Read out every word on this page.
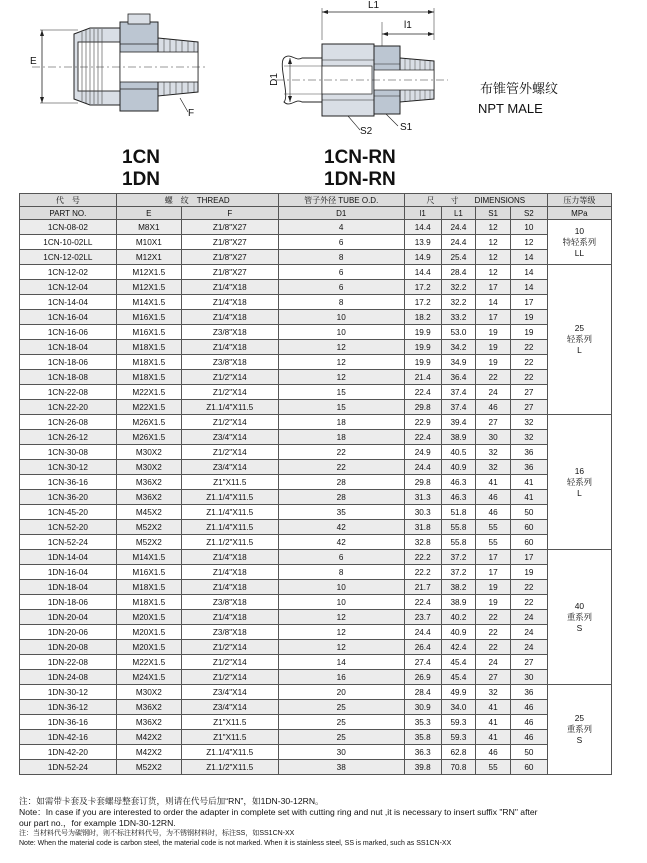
E
F
L1
l1
D1
S2	S1
布锥管外螺纹
NPT MALE
1CN
1DN
1CN-RN
1DN-RN
代　号	螺　纹　THREAD		管子外径 TUBE O.D.	尺　　寸　　DIMENSIONS				压力等级
PART NO.	E	F	D1	l1	L1	S1	S2	MPa
1CN-08-02	M8X1	Z1/8"X27	4	14.4	24.4	12	10	10
特轻系列
LL

1CN-10-02LL	M10X1	Z1/8"X27	6	13.9	24.4	12	12	
1CN-12-02LL	M12X1	Z1/8"X27	8	14.9	25.4	12	14	
1CN-12-02	M12X1.5	Z1/8"X27	6	14.4	28.4	12	14	25
轻系列
L

1CN-12-04	M12X1.5	Z1/4"X18	6	17.2	32.2	17	14	
1CN-14-04	M14X1.5	Z1/4"X18	8	17.2	32.2	14	17	
1CN-16-04	M16X1.5	Z1/4"X18	10	18.2	33.2	17	19	
1CN-16-06	M16X1.5	Z3/8"X18	10	19.9	53.0	19	19	
1CN-18-04	M18X1.5	Z1/4"X18	12	19.9	34.2	19	22	
1CN-18-06	M18X1.5	Z3/8"X18	12	19.9	34.9	19	22	
1CN-18-08	M18X1.5	Z1/2"X14	12	21.4	36.4	22	22	
1CN-22-08	M22X1.5	Z1/2"X14	15	22.4	37.4	24	27	
1CN-22-20	M22X1.5	Z1.1/4"X11.5	15	29.8	37.4	46	27	
1CN-26-08	M26X1.5	Z1/2"X14	18	22.9	39.4	27	32	16
轻系列
L

1CN-26-12	M26X1.5	Z3/4"X14	18	22.4	38.9	30	32	
1CN-30-08	M30X2	Z1/2"X14	22	24.9	40.5	32	36	
1CN-30-12	M30X2	Z3/4"X14	22	24.4	40.9	32	36	
1CN-36-16	M36X2	Z1"X11.5	28	29.8	46.3	41	41	
1CN-36-20	M36X2	Z1.1/4"X11.5	28	31.3	46.3	46	41	
1CN-45-20	M45X2	Z1.1/4"X11.5	35	30.3	51.8	46	50	
1CN-52-20	M52X2	Z1.1/4"X11.5	42	31.8	55.8	55	60	
1CN-52-24	M52X2	Z1.1/2"X11.5	42	32.8	55.8	55	60	
1DN-14-04	M14X1.5	Z1/4"X18	6	22.2	37.2	17	17	40
重系列
S

1DN-16-04	M16X1.5	Z1/4"X18	8	22.2	37.2	17	19	
1DN-18-04	M18X1.5	Z1/4"X18	10	21.7	38.2	19	22	
1DN-18-06	M18X1.5	Z3/8"X18	10	22.4	38.9	19	22	
1DN-20-04	M20X1.5	Z1/4"X18	12	23.7	40.2	22	24	
1DN-20-06	M20X1.5	Z3/8"X18	12	24.4	40.9	22	24	
1DN-20-08	M20X1.5	Z1/2"X14	12	26.4	42.4	22	24	
1DN-22-08	M22X1.5	Z1/2"X14	14	27.4	45.4	24	27	
1DN-24-08	M24X1.5	Z1/2"X14	16	26.9	45.4	27	30	
1DN-30-12	M30X2	Z3/4"X14	20	28.4	49.9	32	36	25
重系列
S

1DN-36-12	M36X2	Z3/4"X14	25	30.9	34.0	41	46	
1DN-36-16	M36X2	Z1"X11.5	25	35.3	59.3	41	46	
1DN-42-16	M42X2	Z1"X11.5	25	35.8	59.3	41	46	
1DN-42-20	M42X2	Z1.1/4"X11.5	30	36.3	62.8	46	50	
1DN-52-24	M52X2	Z1.1/2"X11.5	38	39.8	70.8	55	60	
注：如需带卡套及卡套螺母整套订货，则请在代号后加“RN”，如1DN-30-12RN。
Note：In case if you are interested to order the adapter in complete set with cutting ring and nut ,it is necessary to insert suffix "RN" after
our part no.，for example 1DN-30-12RN.
注：当材料代号为碳钢时，则不标注材料代号，为不锈钢材料时，标注SS，如SS1CN-XX
Note: When the material code is carbon steel, the material code is not marked. When it is stainless steel, SS is marked, such as SS1CN-XX
